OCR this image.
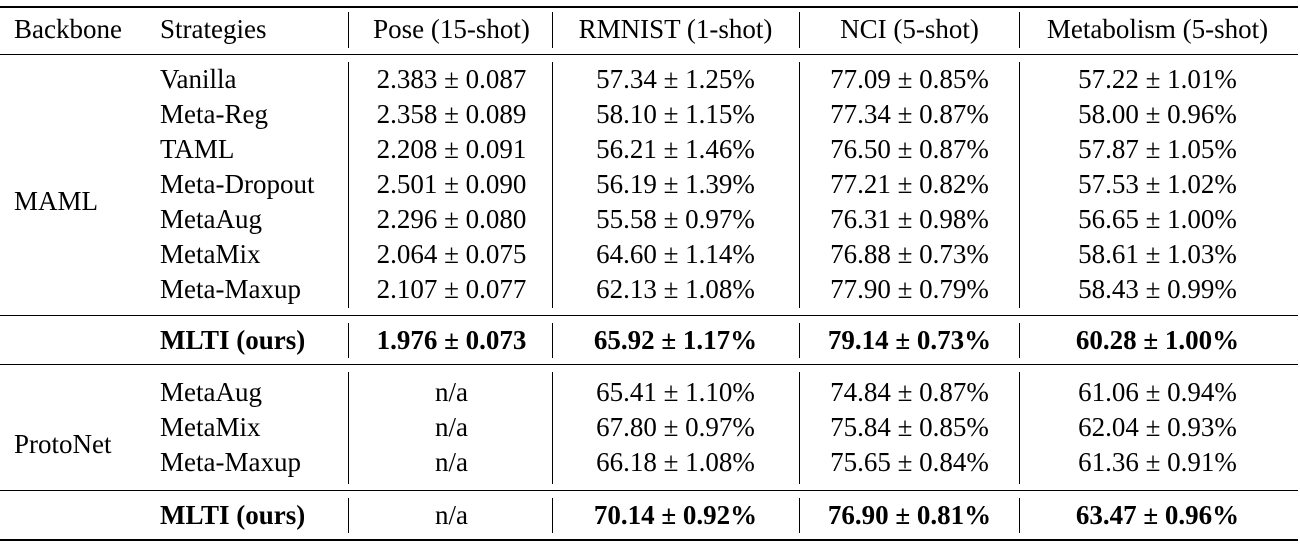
Backbone	Strategies	Pose (15-shot)	RMNIST (1-shot)	NCI (5-shot)	Metabolism (5-shot)
MAML
Vanilla	2.383 ± 0.087	57.34 ± 1.25%	77.09 ± 0.85%	57.22 ± 1.01%
Meta-Reg	2.358 ± 0.089	58.10 ± 1.15%	77.34 ± 0.87%	58.00 ± 0.96%
TAML	2.208 ± 0.091	56.21 ± 1.46%	76.50 ± 0.87%	57.87 ± 1.05%
Meta-Dropout	2.501 ± 0.090	56.19 ± 1.39%	77.21 ± 0.82%	57.53 ± 1.02%
MetaAug	2.296 ± 0.080	55.58 ± 0.97%	76.31 ± 0.98%	56.65 ± 1.00%
MetaMix	2.064 ± 0.075	64.60 ± 1.14%	76.88 ± 0.73%	58.61 ± 1.03%
Meta-Maxup	2.107 ± 0.077	62.13 ± 1.08%	77.90 ± 0.79%	58.43 ± 0.99%
MLTI (ours)	1.976 ± 0.073	65.92 ± 1.17%	79.14 ± 0.73%	60.28 ± 1.00%
ProtoNet
MetaAug	n/a	65.41 ± 1.10%	74.84 ± 0.87%	61.06 ± 0.94%
MetaMix	n/a	67.80 ± 0.97%	75.84 ± 0.85%	62.04 ± 0.93%
Meta-Maxup	n/a	66.18 ± 1.08%	75.65 ± 0.84%	61.36 ± 0.91%
MLTI (ours)	n/a	70.14 ± 0.92%	76.90 ± 0.81%	63.47 ± 0.96%
